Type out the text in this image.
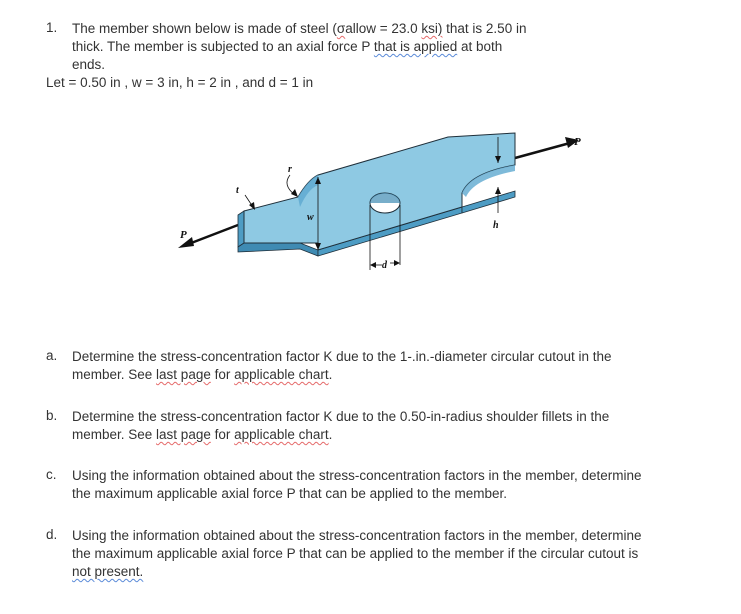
1. The member shown below is made of steel (σallow = 23.0 ksi) that is 2.50 in
thick. The member is subjected to an axial force P that is applied at both
ends.
Let = 0.50 in , w = 3 in, h = 2 in , and d = 1 in
w
d
h
t
r
P
P
a. Determine the stress-concentration factor K due to the 1-.in.-diameter circular cutout in the
member. See last page for applicable chart.
b. Determine the stress-concentration factor K due to the 0.50-in-radius shoulder fillets in the
member. See last page for applicable chart.
c. Using the information obtained about the stress-concentration factors in the member, determine
the maximum applicable axial force P that can be applied to the member.
d. Using the information obtained about the stress-concentration factors in the member, determine
the maximum applicable axial force P that can be applied to the member if the circular cutout is
not present.
